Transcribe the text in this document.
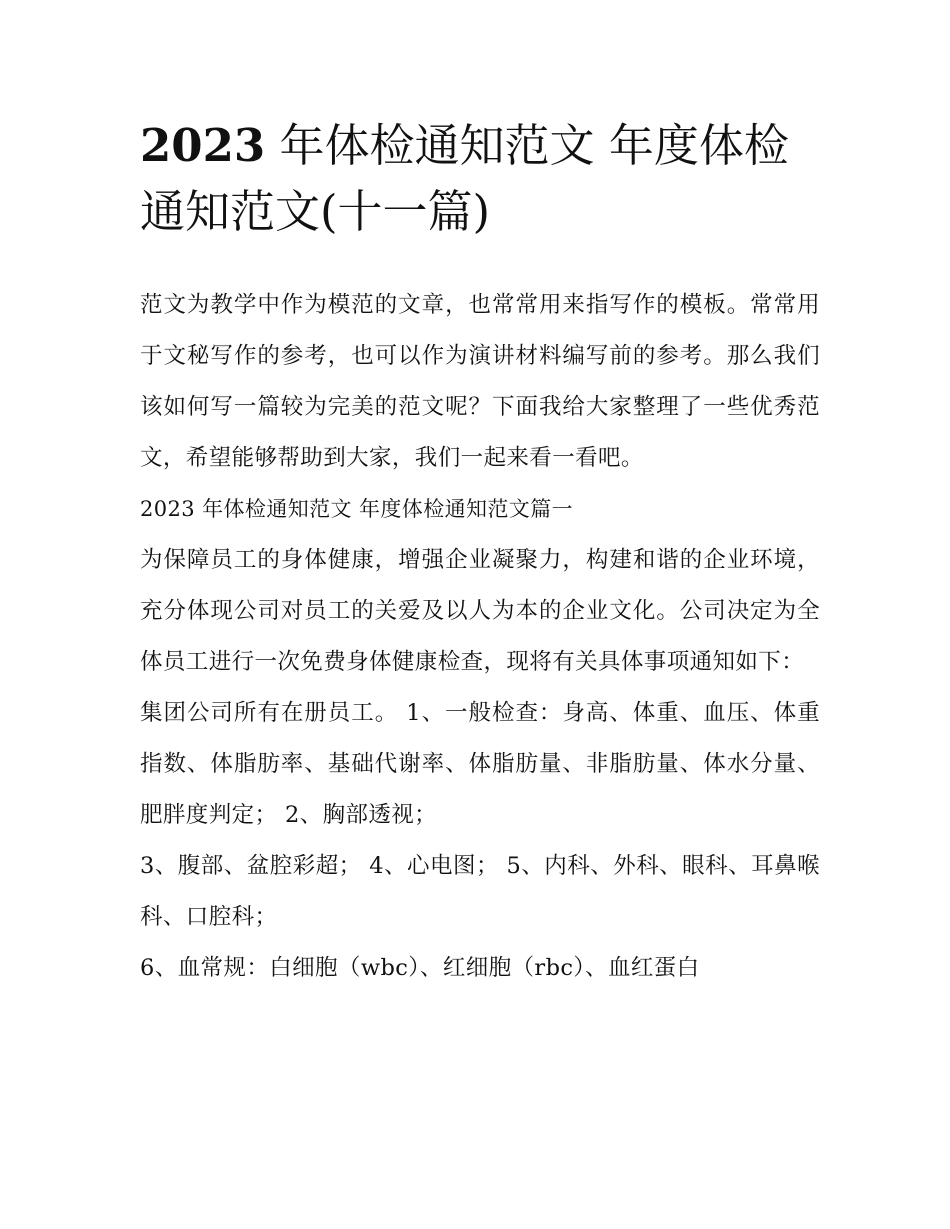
2023 年体检通知范文 年度体检通知范文(十一篇)

范文为教学中作为模范的文章，也常常用来指写作的模板。常常用于文秘写作的参考，也可以作为演讲材料编写前的参考。那么我们该如何写一篇较为完美的范文呢？下面我给大家整理了一些优秀范文，希望能够帮助到大家，我们一起来看一看吧。

2023 年体检通知范文 年度体检通知范文篇一

为保障员工的身体健康，增强企业凝聚力，构建和谐的企业环境，充分体现公司对员工的关爱及以人为本的企业文化。公司决定为全体员工进行一次免费身体健康检查，现将有关具体事项通知如下：

集团公司所有在册员工。 1、一般检查：身高、体重、血压、体重指数、体脂肪率、基础代谢率、体脂肪量、非脂肪量、体水分量、肥胖度判定； 2、胸部透视；

3、腹部、盆腔彩超； 4、心电图； 5、内科、外科、眼科、耳鼻喉科、口腔科；

6、血常规：白细胞（wbc）、红细胞（rbc）、血红蛋白
